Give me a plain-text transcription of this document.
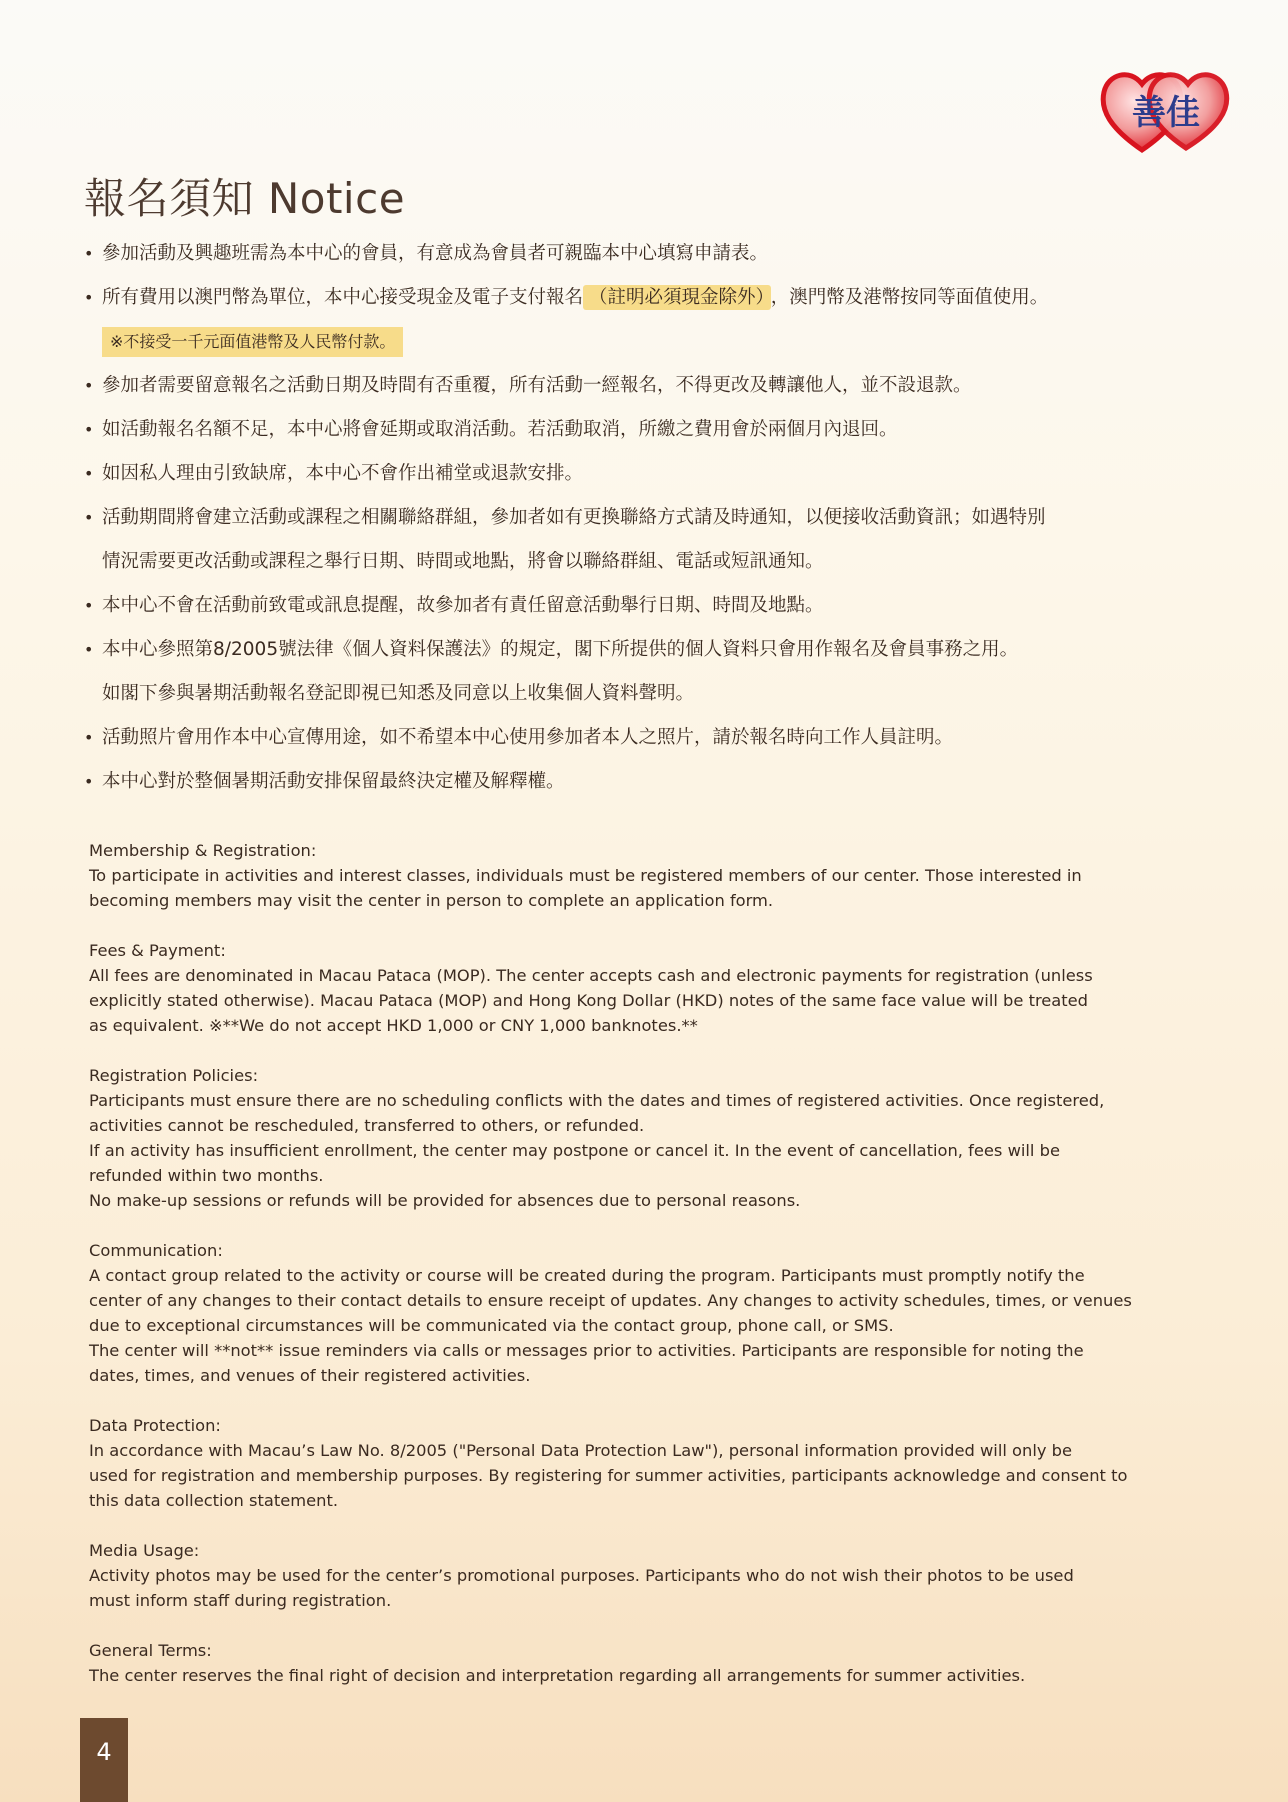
善佳
報名須知 Notice
• 參加活動及興趣班需為本中心的會員，有意成為會員者可親臨本中心填寫申請表。
• 所有費用以澳門幣為單位，本中心接受現金及電子支付報名 （註明必須現金除外） ，澳門幣及港幣按同等面值使用。
※不接受一千元面值港幣及人民幣付款。
• 參加者需要留意報名之活動日期及時間有否重覆，所有活動一經報名，不得更改及轉讓他人，並不設退款。
• 如活動報名名額不足，本中心將會延期或取消活動。若活動取消，所繳之費用會於兩個月內退回。
• 如因私人理由引致缺席，本中心不會作出補堂或退款安排。
• 活動期間將會建立活動或課程之相關聯絡群組，參加者如有更換聯絡方式請及時通知，以便接收活動資訊；如遇特別
情況需要更改活動或課程之舉行日期、時間或地點，將會以聯絡群組、電話或短訊通知。
• 本中心不會在活動前致電或訊息提醒，故參加者有責任留意活動舉行日期、時間及地點。
• 本中心參照第8/2005號法律《個人資料保護法》的規定，閣下所提供的個人資料只會用作報名及會員事務之用。
如閣下參與暑期活動報名登記即視已知悉及同意以上收集個人資料聲明。
• 活動照片會用作本中心宣傳用途，如不希望本中心使用參加者本人之照片，請於報名時向工作人員註明。
• 本中心對於整個暑期活動安排保留最終決定權及解釋權。

Membership & Registration:

To participate in activities and interest classes, individuals must be registered members of our center. Those interested in

becoming members may visit the center in person to complete an application form.

Fees & Payment:

All fees are denominated in Macau Pataca (MOP). The center accepts cash and electronic payments for registration (unless

explicitly stated otherwise). Macau Pataca (MOP) and Hong Kong Dollar (HKD) notes of the same face value will be treated

as equivalent. ※**We do not accept HKD 1,000 or CNY 1,000 banknotes.**

Registration Policies:

Participants must ensure there are no scheduling conflicts with the dates and times of registered activities. Once registered,

activities cannot be rescheduled, transferred to others, or refunded.

If an activity has insufficient enrollment, the center may postpone or cancel it. In the event of cancellation, fees will be

refunded within two months.

No make-up sessions or refunds will be provided for absences due to personal reasons.

Communication:

A contact group related to the activity or course will be created during the program. Participants must promptly notify the

center of any changes to their contact details to ensure receipt of updates. Any changes to activity schedules, times, or venues

due to exceptional circumstances will be communicated via the contact group, phone call, or SMS.

The center will **not** issue reminders via calls or messages prior to activities. Participants are responsible for noting the

dates, times, and venues of their registered activities.

Data Protection:

In accordance with Macau’s Law No. 8/2005 ("Personal Data Protection Law"), personal information provided will only be

used for registration and membership purposes. By registering for summer activities, participants acknowledge and consent to

this data collection statement.

Media Usage:

Activity photos may be used for the center’s promotional purposes. Participants who do not wish their photos to be used

must inform staff during registration.

General Terms:

The center reserves the final right of decision and interpretation regarding all arrangements for summer activities.

4
